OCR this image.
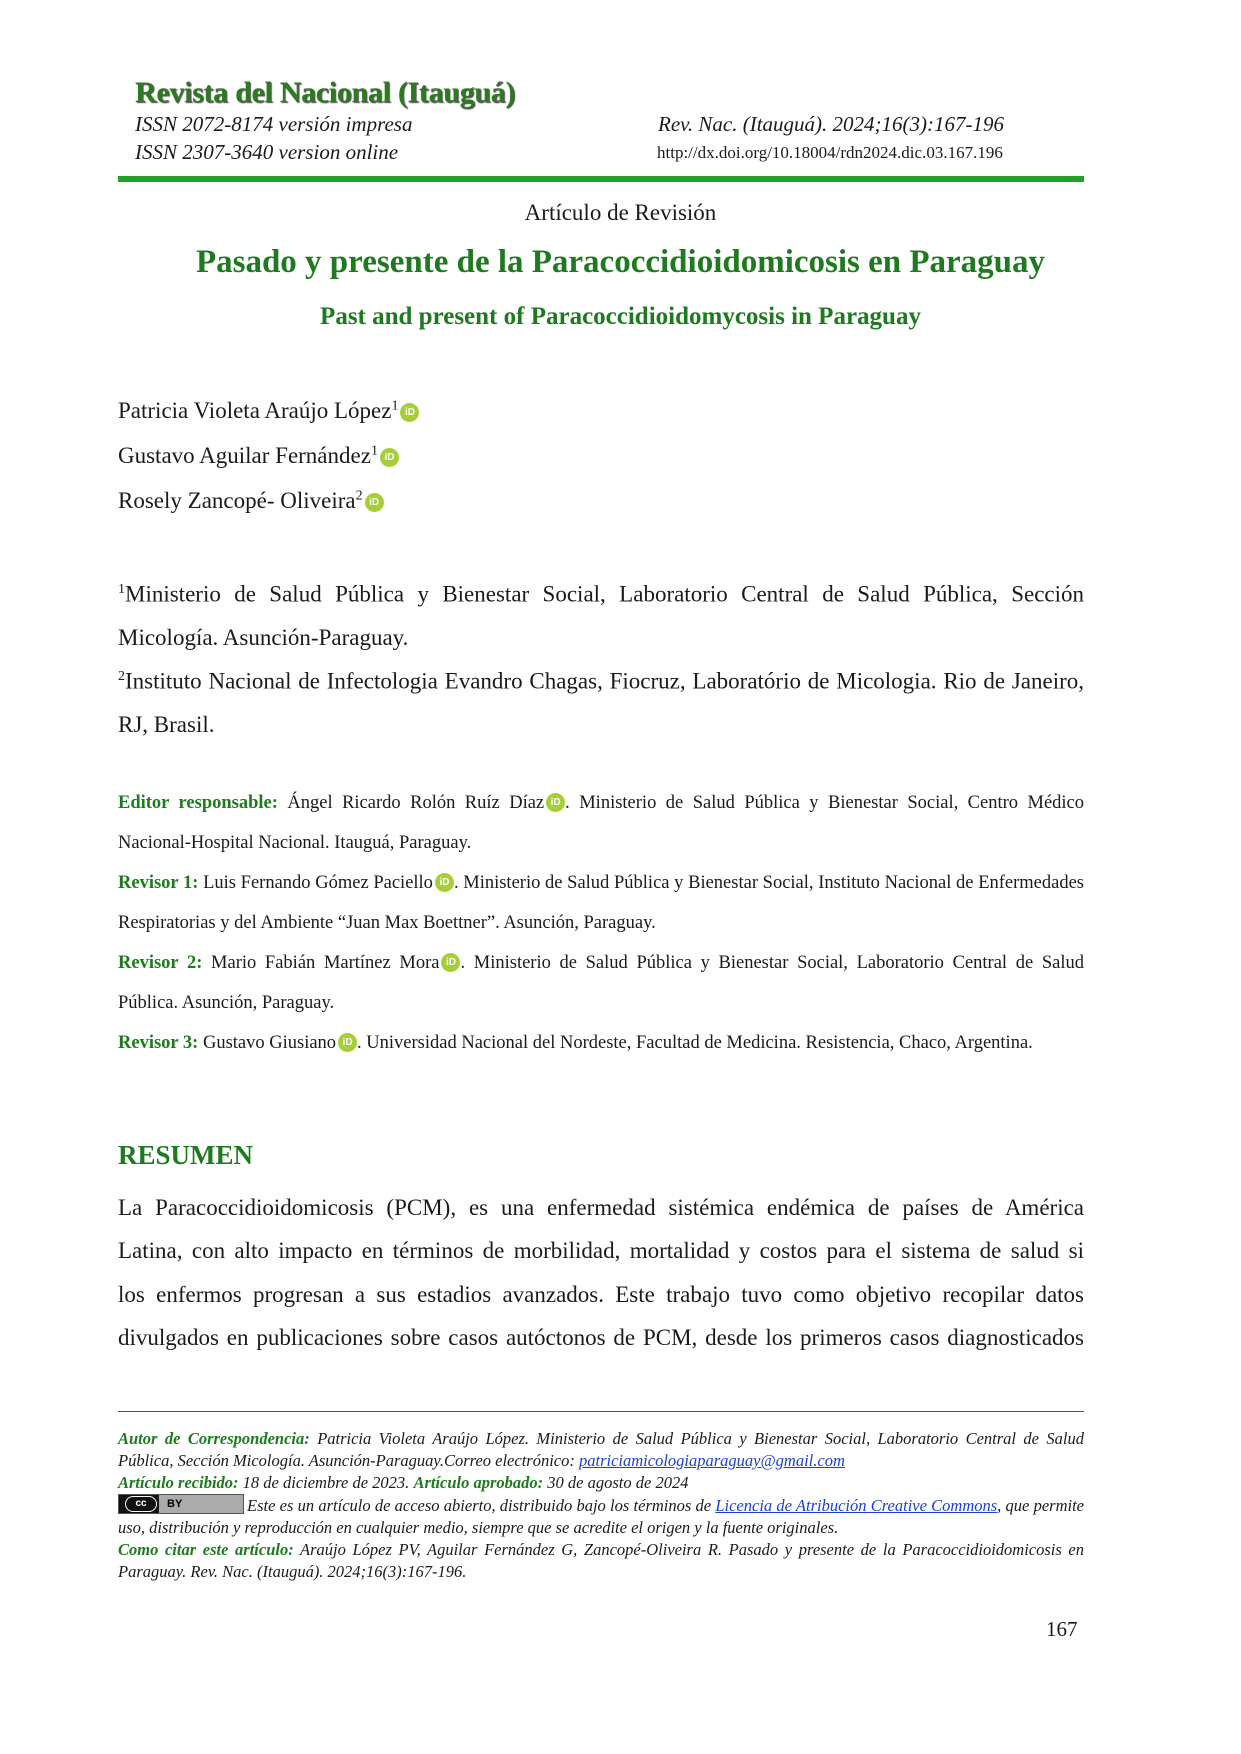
Revista del Nacional (Itauguá)
ISSN 2072-8174 versión impresa	Rev. Nac. (Itauguá). 2024;16(3):167-196
ISSN 2307-3640 version online	http://dx.doi.org/10.18004/rdn2024.dic.03.167.196
Artículo de Revisión
Pasado y presente de la Paracoccidioidomicosis en Paraguay
Past and present of Paracoccidioidomycosis in Paraguay
Patricia Violeta Araújo López$^1$ iD
Gustavo Aguilar Fernández$^1$ iD
Rosely Zancopé- Oliveira$^2$ iD
$^1$Ministerio de Salud Pública y Bienestar Social, Laboratorio Central de Salud Pública, Sección Micología. Asunción-Paraguay.
$^2$Instituto Nacional de Infectologia Evandro Chagas, Fiocruz, Laboratório de Micologia. Rio de Janeiro, RJ, Brasil.

Editor responsable: Ángel Ricardo Rolón Ruíz Díaz iD . Ministerio de Salud Pública y Bienestar Social, Centro Médico Nacional-Hospital Nacional. Itauguá, Paraguay.

Revisor 1: Luis Fernando Gómez Paciello iD . Ministerio de Salud Pública y Bienestar Social, Instituto Nacional de Enfermedades Respiratorias y del Ambiente “Juan Max Boettner”. Asunción, Paraguay.

Revisor 2: Mario Fabián Martínez Mora iD . Ministerio de Salud Pública y Bienestar Social, Laboratorio Central de Salud Pública. Asunción, Paraguay.

Revisor 3: Gustavo Giusiano iD . Universidad Nacional del Nordeste, Facultad de Medicina. Resistencia, Chaco, Argentina.

RESUMEN
La Paracoccidioidomicosis (PCM), es una enfermedad sistémica endémica de países de América
Latina, con alto impacto en términos de morbilidad, mortalidad y costos para el sistema de salud si
los enfermos progresan a sus estadios avanzados. Este trabajo tuvo como objetivo recopilar datos
divulgados en publicaciones sobre casos autóctonos de PCM, desde los primeros casos diagnosticados
Autor de Correspondencia: Patricia Violeta Araújo López. Ministerio de Salud Pública y Bienestar Social, Laboratorio Central de Salud Pública, Sección Micología. Asunción-Paraguay.Correo electrónico: patriciamicologiaparaguay@gmail.com
Artículo recibido: 18 de diciembre de 2023. Artículo aprobado: 30 de agosto de 2024
cc	BY	Este es un artículo de acceso abierto, distribuido bajo los términos de Licencia de Atribución Creative Commons, que permite uso, distribución y reproducción en cualquier medio, siempre que se acredite el origen y la fuente originales.
Como citar este artículo: Araújo López PV, Aguilar Fernández G, Zancopé-Oliveira R. Pasado y presente de la Paracoccidioidomicosis en Paraguay. Rev. Nac. (Itauguá). 2024;16(3):167-196.
167
